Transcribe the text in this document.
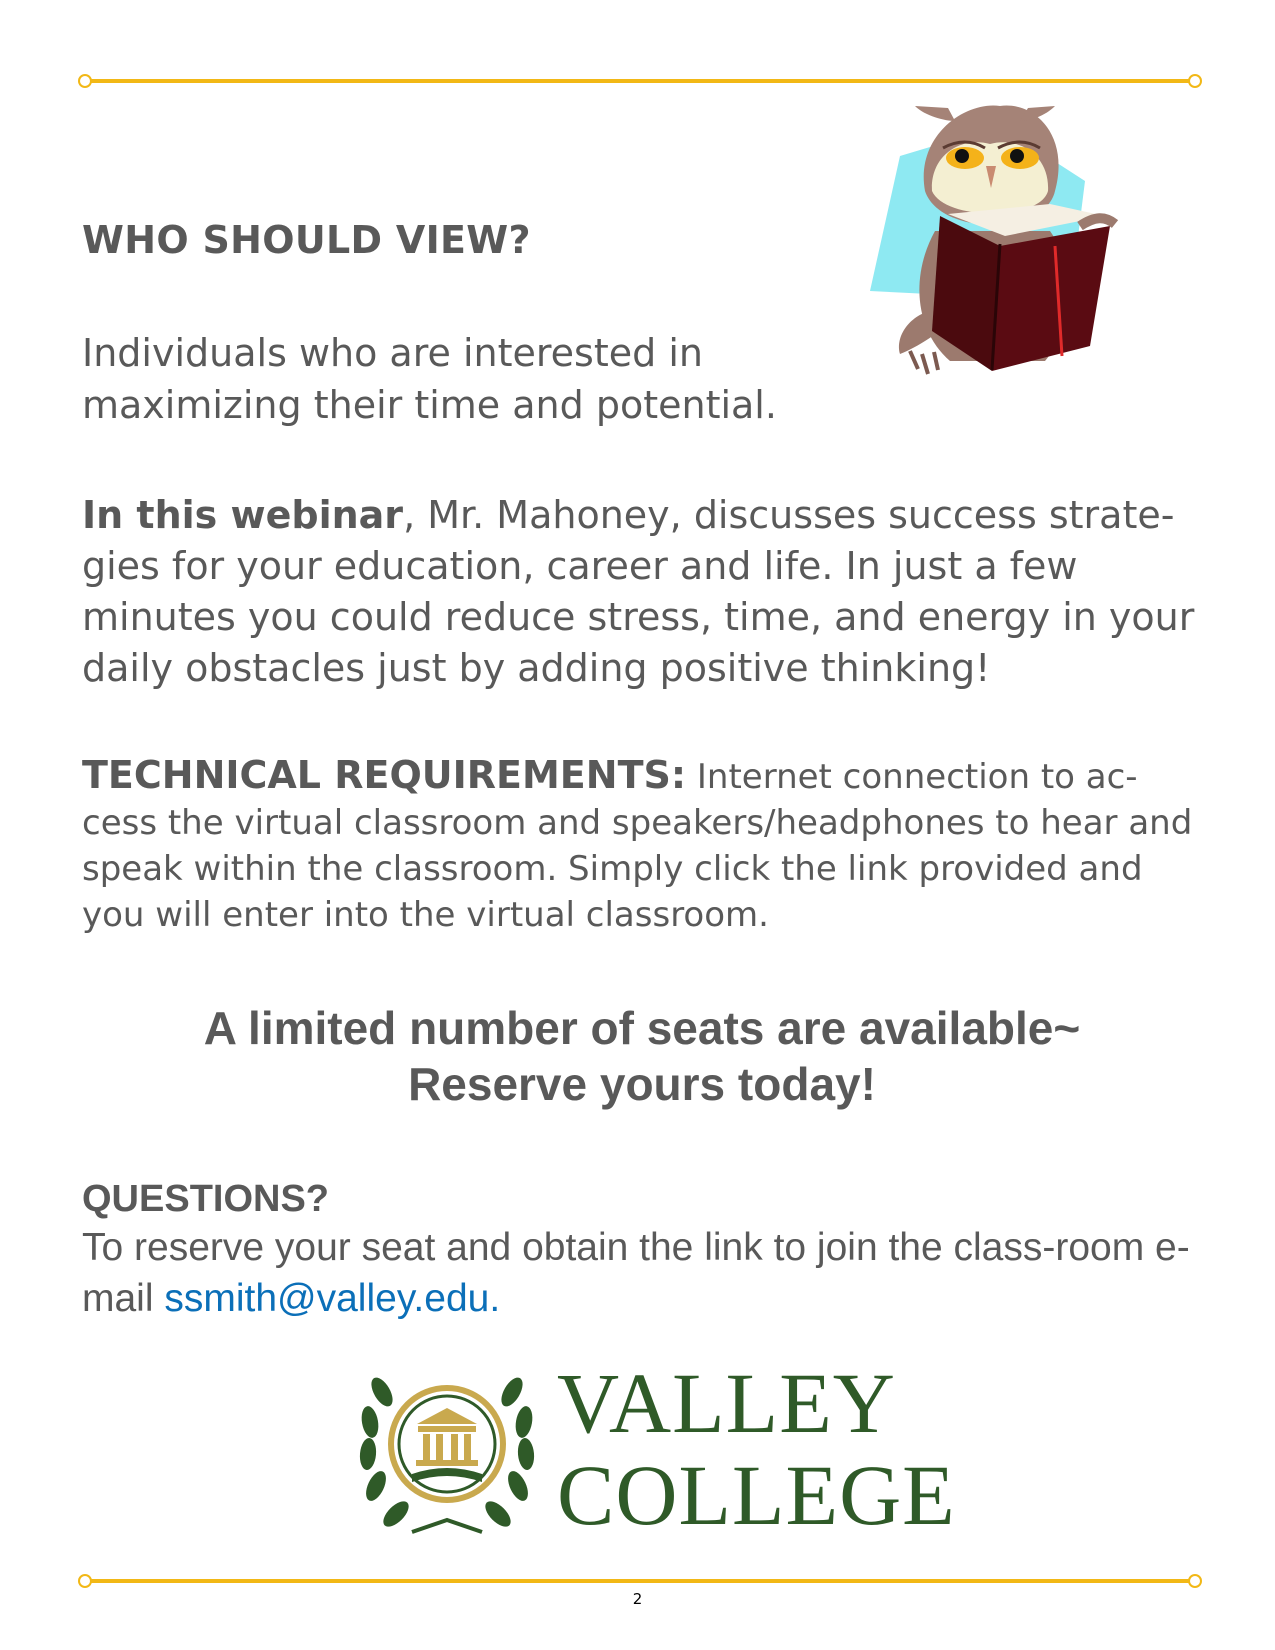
WHO SHOULD VIEW?
Individuals who are interested in maximizing their time and potential.
In this webinar, Mr. Mahoney, discusses success strate-gies for your education, career and life. In just a few minutes you could reduce stress, time, and energy in your daily obstacles just by adding positive thinking!
TECHNICAL REQUIREMENTS: Internet connection to ac-cess the virtual classroom and speakers/headphones to hear and speak within the classroom. Simply click the link provided and you will enter into the virtual classroom.
A limited number of seats are available~
Reserve yours today!
QUESTIONS?
To reserve your seat and obtain the link to join the class-room e-mail ssmith@valley.edu.
VALLEY
COLLEGE
2
